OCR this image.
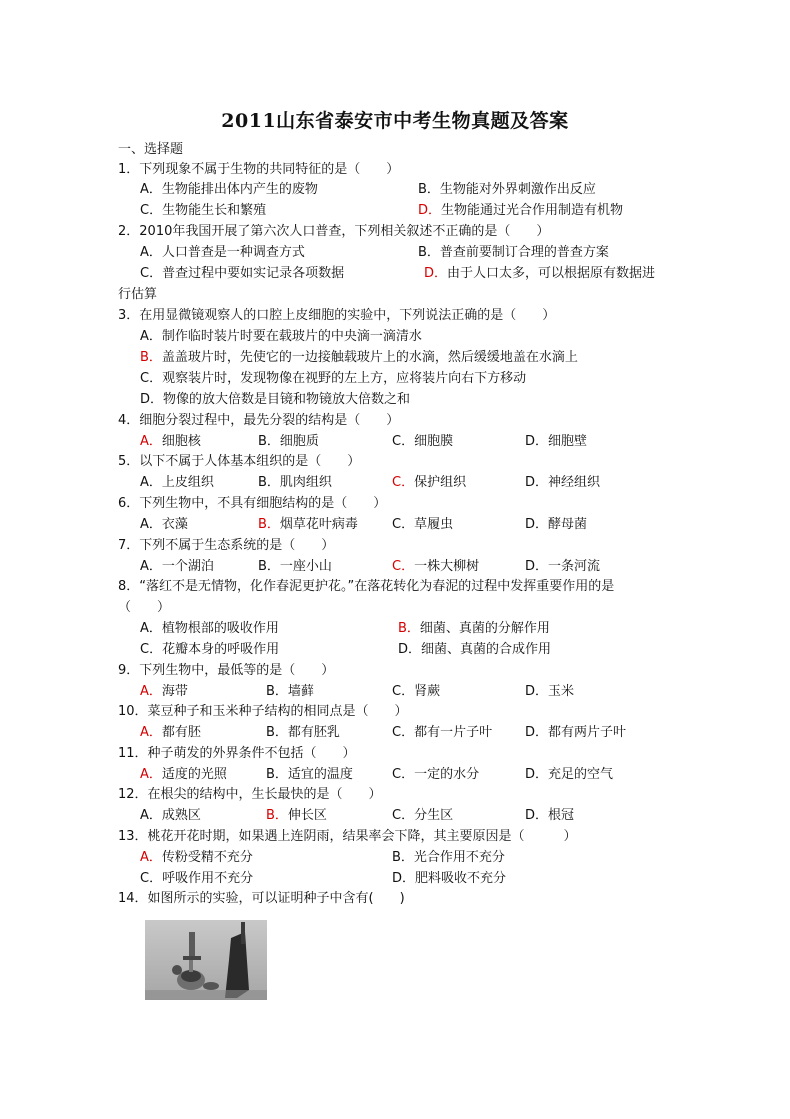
2011山东省泰安市中考生物真题及答案
一、选择题
1．下列现象不属于生物的共同特征的是（　　）
A．生物能排出体内产生的废物	B．生物能对外界刺激作出反应
C．生物能生长和繁殖	D．生物能通过光合作用制造有机物
2．2010年我国开展了第六次人口普查，下列相关叙述不正确的是（　　）
A．人口普查是一种调查方式	B．普查前要制订合理的普查方案
C．普查过程中要如实记录各项数据	D．由于人口太多，可以根据原有数据进
行估算
3．在用显微镜观察人的口腔上皮细胞的实验中，下列说法正确的是（　　）
A．制作临时装片时要在载玻片的中央滴一滴清水
B．盖盖玻片时，先使它的一边接触载玻片上的水滴，然后缓缓地盖在水滴上
C．观察装片时，发现物像在视野的左上方，应将装片向右下方移动
D．物像的放大倍数是目镜和物镜放大倍数之和
4．细胞分裂过程中，最先分裂的结构是（　　）
A．细胞核	B．细胞质	C．细胞膜	D．细胞壁
5．以下不属于人体基本组织的是（　　）
A．上皮组织	B．肌肉组织	C．保护组织	D．神经组织
6．下列生物中，不具有细胞结构的是（　　）
A．衣藻	B．烟草花叶病毒	C．草履虫	D．酵母菌
7．下列不属于生态系统的是（　　）
A．一个湖泊	B．一座小山	C．一株大柳树	D．一条河流
8．“落红不是无情物，化作春泥更护花。”在落花转化为春泥的过程中发挥重要作用的是
（　　）
A．植物根部的吸收作用	B．细菌、真菌的分解作用
C．花瓣本身的呼吸作用	D．细菌、真菌的合成作用
9．下列生物中，最低等的是（　　）
A．海带	B．墙藓	C．肾蕨	D．玉米
10．菜豆种子和玉米种子结构的相同点是（　　）
A．都有胚	B．都有胚乳	C．都有一片子叶	D．都有两片子叶
11．种子萌发的外界条件不包括（　　）
A．适度的光照	B．适宜的温度	C．一定的水分	D．充足的空气
12．在根尖的结构中，生长最快的是（　　）
A．成熟区	B．伸长区	C．分生区	D．根冠
13．桃花开花时期，如果遇上连阴雨，结果率会下降，其主要原因是（　　　）
A．传粉受精不充分	B．光合作用不充分
C．呼吸作用不充分	D．肥料吸收不充分
14．如图所示的实验，可以证明种子中含有(　　)
